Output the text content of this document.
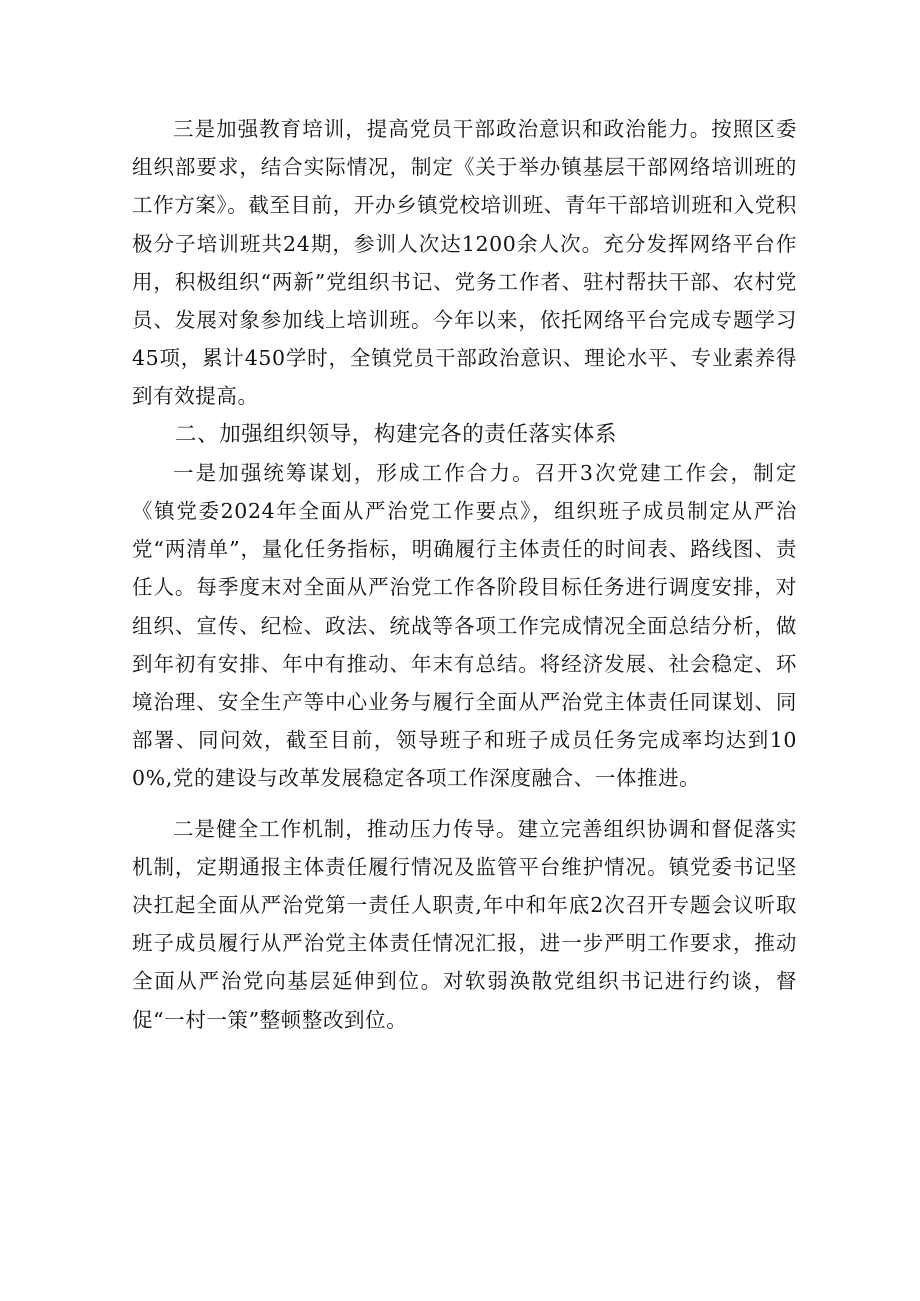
三是加强教育培训，提高党员干部政治意识和政治能力。按照区委组织部要求，结合实际情况，制定《关于举办镇基层干部网络培训班的工作方案》。截至目前，开办乡镇党校培训班、青年干部培训班和入党积极分子培训班共24期，参训人次达1200余人次。充分发挥网络平台作用，积极组织“两新”党组织书记、党务工作者、驻村帮扶干部、农村党员、发展对象参加线上培训班。今年以来，依托网络平台完成专题学习45项，累计450学时，全镇党员干部政治意识、理论水平、专业素养得到有效提高。

二、加强组织领导，构建完各的责任落实体系

一是加强统筹谋划，形成工作合力。召开3次党建工作会，制定《镇党委2024年全面从严治党工作要点》，组织班子成员制定从严治党“两清单”，量化任务指标，明确履行主体责任的时间表、路线图、责任人。每季度末对全面从严治党工作各阶段目标任务进行调度安排，对组织、宣传、纪检、政法、统战等各项工作完成情况全面总结分析，做到年初有安排、年中有推动、年末有总结。将经济发展、社会稳定、环境治理、安全生产等中心业务与履行全面从严治党主体责任同谋划、同部署、同问效，截至目前，领导班子和班子成员任务完成率均达到100%,党的建设与改革发展稳定各项工作深度融合、一体推进。

二是健全工作机制，推动压力传导。建立完善组织协调和督促落实机制，定期通报主体责任履行情况及监管平台维护情况。镇党委书记坚决扛起全面从严治党第一责任人职责,年中和年底2次召开专题会议听取班子成员履行从严治党主体责任情况汇报，进一步严明工作要求，推动全面从严治党向基层延伸到位。对软弱涣散党组织书记进行约谈，督促“一村一策”整顿整改到位。
